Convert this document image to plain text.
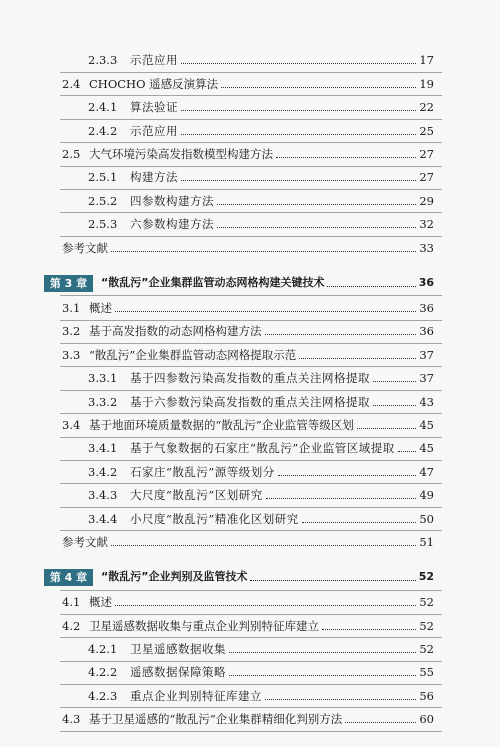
2.3.3 示范应用	17
2.4 CHOCHO 遥感反演算法	19
2.4.1 算法验证	22
2.4.2 示范应用	25
2.5 大气环境污染高发指数模型构建方法	27
2.5.1 构建方法	27
2.5.2 四参数构建方法	29
2.5.3 六参数构建方法	32
参考文献	33
第 3 章	“散乱污”企业集群监管动态网格构建关键技术	36
3.1 概述	36
3.2 基于高发指数的动态网格构建方法	36
3.3 “散乱污”企业集群监管动态网格提取示范	37
3.3.1 基于四参数污染高发指数的重点关注网格提取	37
3.3.2 基于六参数污染高发指数的重点关注网格提取	43
3.4 基于地面环境质量数据的“散乱污”企业监管等级区划	45
3.4.1 基于气象数据的石家庄“散乱污”企业监管区域提取 45
3.4.2 石家庄“散乱污”源等级划分	47
3.4.3 大尺度“散乱污”区划研究	49
3.4.4 小尺度“散乱污”精准化区划研究	50
参考文献	51
第 4 章	“散乱污”企业判别及监管技术	52
4.1 概述	52
4.2 卫星遥感数据收集与重点企业判别特征库建立	52
4.2.1 卫星遥感数据收集	52
4.2.2 遥感数据保障策略	55
4.2.3 重点企业判别特征库建立	56
4.3 基于卫星遥感的“散乱污”企业集群精细化判别方法	60
